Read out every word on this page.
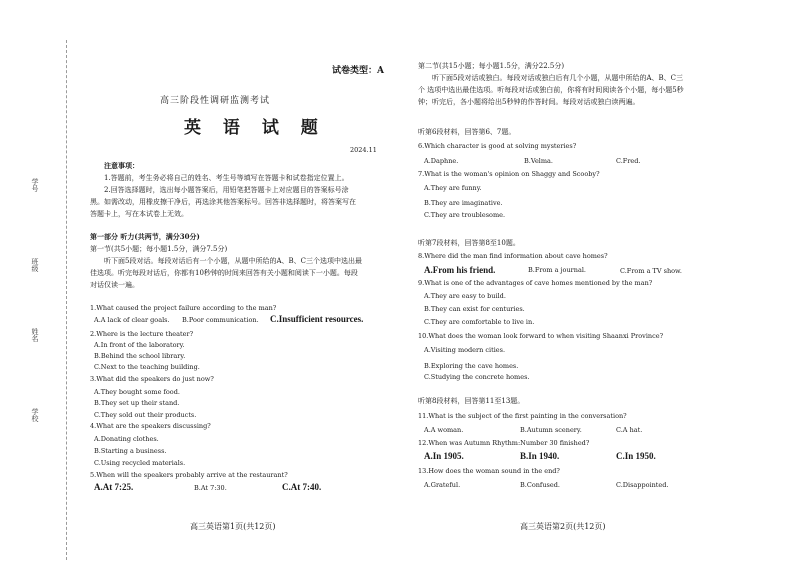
学号
班级
姓名
学校
试卷类型：A
高三阶段性调研监测考试
英 语 试 题
2024.11
注意事项：
1.答题前，考生务必将自己的姓名、考生号等填写在答题卡和试卷指定位置上。
2.回答选择题时，选出每小题答案后，用铅笔把答题卡上对应题目的答案标号涂
黑。如需改动，用橡皮擦干净后，再选涂其他答案标号。回答非选择题时，将答案写在
答题卡上，写在本试卷上无效。
第一部分 听力(共两节，满分30分)
第一节(共5小题；每小题1.5分，满分7.5分)
听下面5段对话。每段对话后有一个小题，从题中所给的A、B、C三个选项中选出最
佳选项。听完每段对话后，你都有10秒钟的时间来回答有关小题和阅读下一小题。每段
对话仅读一遍。
1.What caused the project failure according to the man?
A.A lack of clear goals. B.Poor communication. C.Insufficient resources.
2.Where is the lecture theater?
A.In front of the laboratory.
B.Behind the school library.
C.Next to the teaching building.
3.What did the speakers do just now?
A.They bought some food.
B.They set up their stand.
C.They sold out their products.
4.What are the speakers discussing?
A.Donating clothes.
B.Starting a business.
C.Using recycled materials.
5.When will the speakers probably arrive at the restaurant?
A.At 7:25.	B.At 7:30.	C.At 7:40.
高三英语第1页(共12页)
第二节(共15小题；每小题1.5分，满分22.5分)
听下面5段对话或独白。每段对话或独白后有几个小题，从题中所给的A、B、C三
个 选项中选出最佳选项。听每段对话或独白前，你将有时间阅读各个小题，每小题5秒
钟；听完后，各小题将给出5秒钟的作答时间。每段对话或独白读两遍。
听第6段材料，回答第6、7题。
6.Which character is good at solving mysteries?
A.Daphne.	B.Velma.	C.Fred.
7.What is the woman's opinion on Shaggy and Scooby?
A.They are funny.
B.They are imaginative.
C.They are troublesome.
听第7段材料，回答第8至10题。
8.Where did the man find information about cave homes?
A.From his friend.	B.From a journal.	C.From a TV show.
9.What is one of the advantages of cave homes mentioned by the man?
A.They are easy to build.
B.They can exist for centuries.
C.They are comfortable to live in.
10.What does the woman look forward to when visiting Shaanxi Province?
A.Visiting modern cities.
B.Exploring the cave homes.
C.Studying the concrete homes.
听第8段材料，回答第11至13题。
11.What is the subject of the first painting in the conversation?
A.A woman.	B.Autumn scenery.	C.A hat.
12.When was Autumn Rhythm:Number 30 finished?
A.In 1905.	B.In 1940.	C.In 1950.
13.How does the woman sound in the end?
A.Grateful.	B.Confused.	C.Disappointed.
高三英语第2页(共12页)
